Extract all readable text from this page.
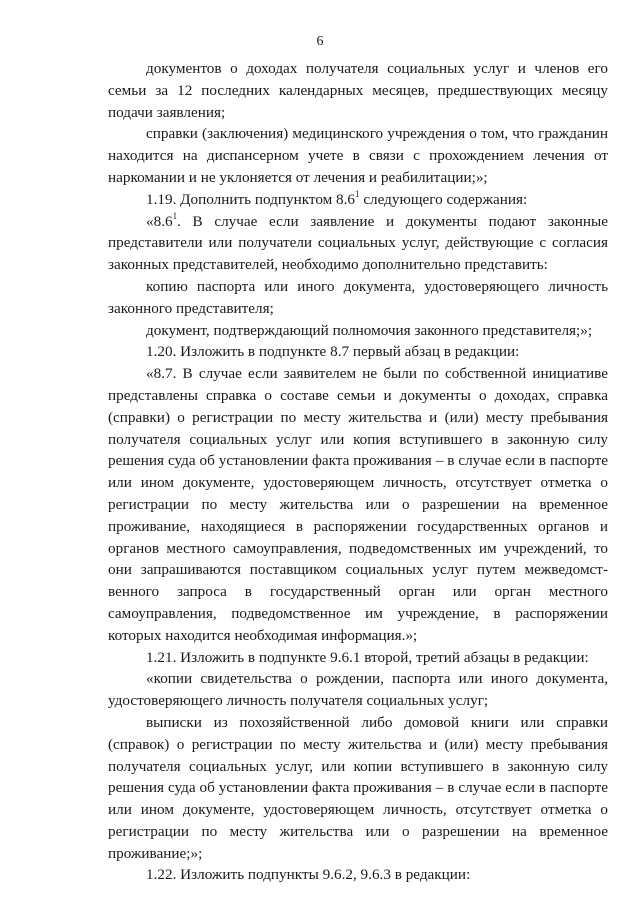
6

документов о доходах получателя социальных услуг и членов его семьи за 12 последних календарных месяцев, предшествующих месяцу подачи заявления;

справки (заключения) медицинского учреждения о том, что гражданин находится на диспансерном учете в связи с прохождением лечения от наркомании и не уклоняется от лечения и реабилитации;»;

1.19. Дополнить подпунктом $8.6^1$ следующего содержания:

«$8.6^1$. В случае если заявление и документы подают законные представители или получатели социальных услуг, действующие с согласия законных представителей, необходимо дополнительно представить:

копию паспорта или иного документа, удостоверяющего личность законного представителя;

документ, подтверждающий полномочия законного представителя;»;

1.20. Изложить в подпункте 8.7 первый абзац в редакции:

«8.7. В случае если заявителем не были по собственной инициативе представлены справка о составе семьи и документы о доходах, справка (справки) о регистрации по месту жительства и (или) месту пребывания получателя социальных услуг или копия вступившего в законную силу решения суда об установлении факта проживания – в случае если в паспорте или ином документе, удостоверяющем личность, отсутствует отметка о регистрации по месту жительства или о разрешении на временное проживание, находящиеся в распоряжении государственных органов и органов местного самоуправления, подведомственных им учреждений, то они запрашиваются поставщиком социальных услуг путем межведомст-венного запроса в государственный орган или орган местного самоуправления, подведомственное им учреждение, в распоряжении которых находится необходимая информация.»;

1.21. Изложить в подпункте 9.6.1 второй, третий абзацы в редакции:

«копии свидетельства о рождении, паспорта или иного документа, удостоверяющего личность получателя социальных услуг;

выписки из похозяйственной либо домовой книги или справки (справок) о регистрации по месту жительства и (или) месту пребывания получателя социальных услуг, или копии вступившего в законную силу решения суда об установлении факта проживания – в случае если в паспорте или ином документе, удостоверяющем личность, отсутствует отметка о регистрации по месту жительства или о разрешении на временное проживание;»;

1.22. Изложить подпункты 9.6.2, 9.6.3 в редакции:
